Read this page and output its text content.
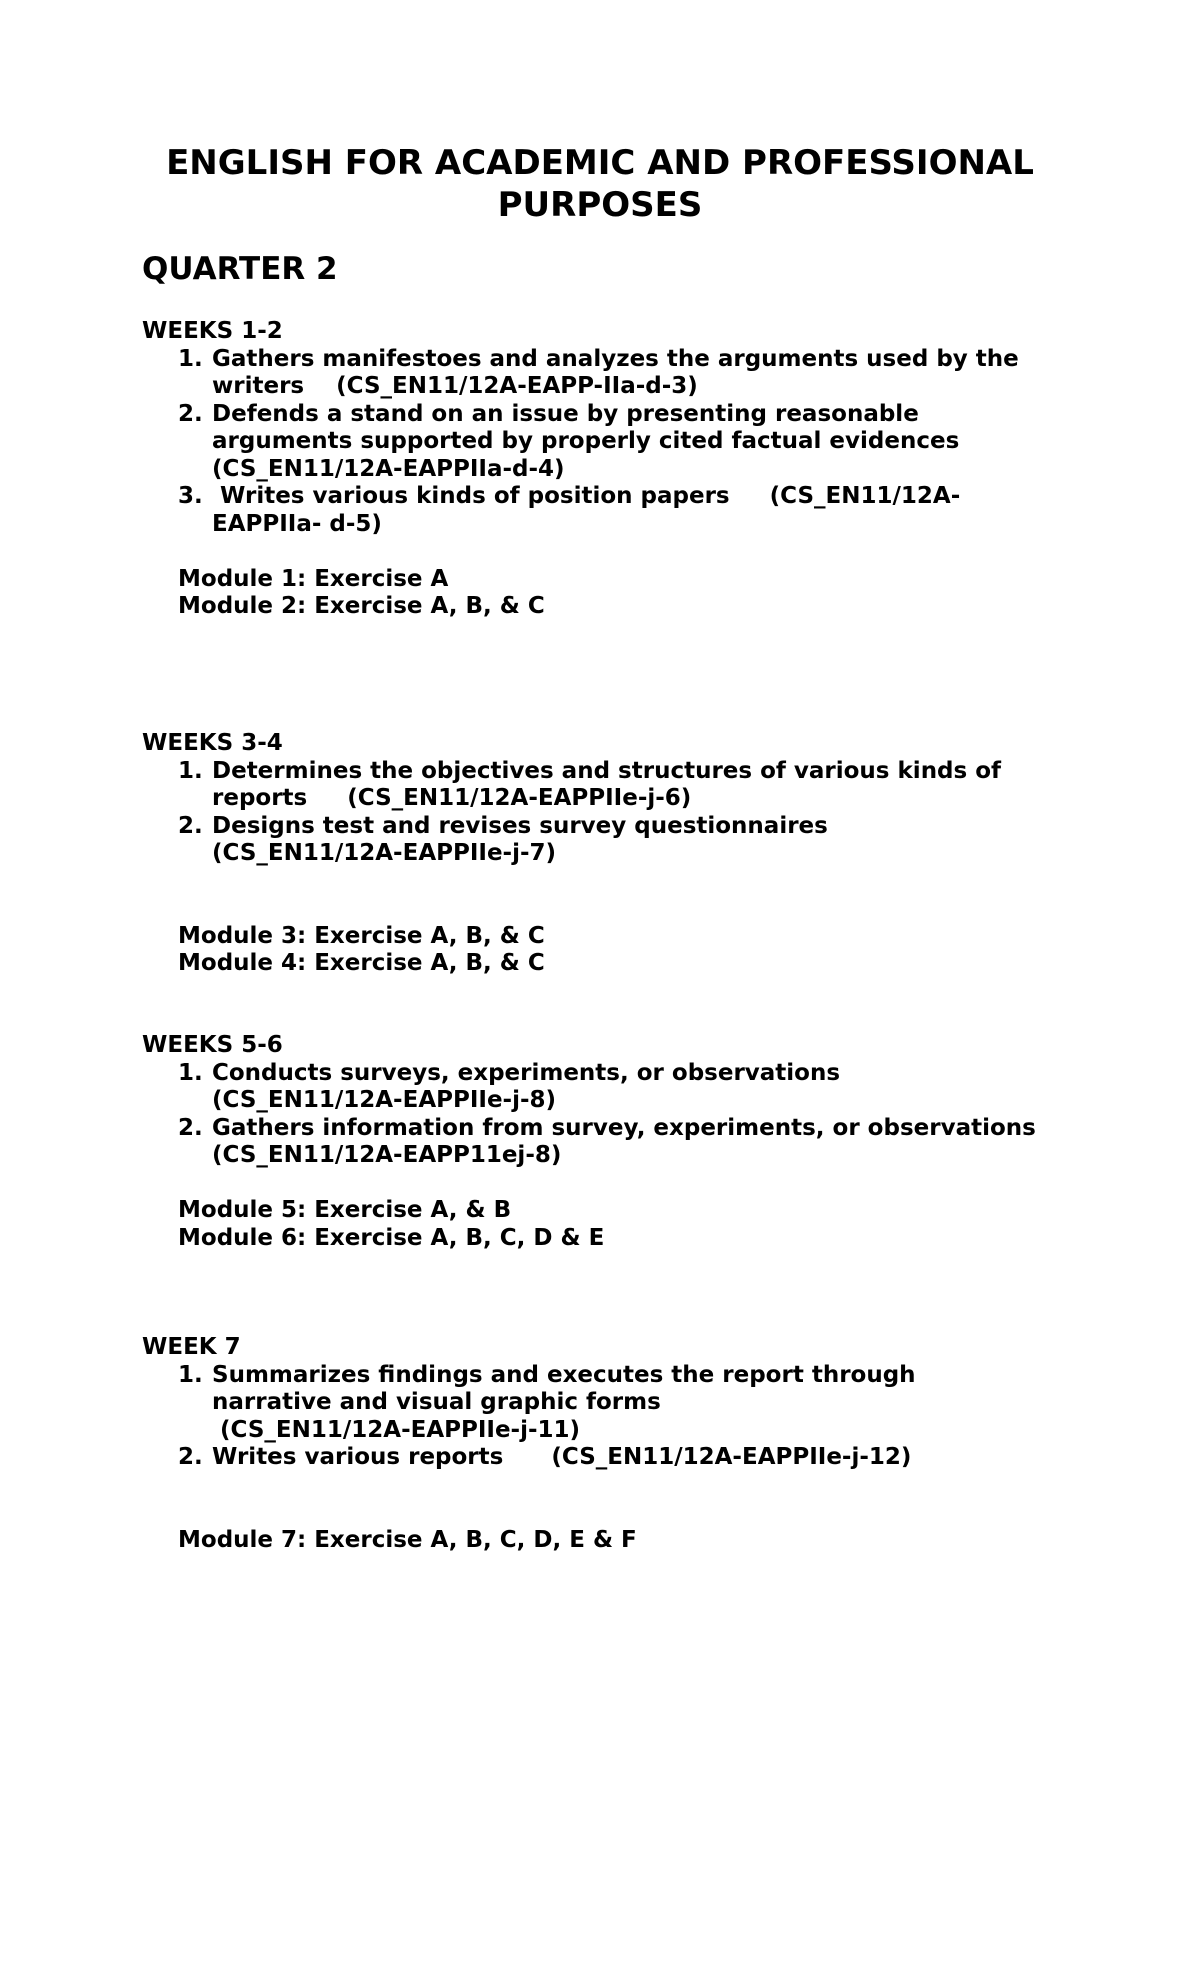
ENGLISH FOR ACADEMIC AND PROFESSIONAL
PURPOSES
QUARTER 2
WEEKS 1-2
1. Gathers manifestoes and analyzes the arguments used by the
writers    (CS_EN11/12A-EAPP-IIa-d-3)
2. Defends a stand on an issue by presenting reasonable
arguments supported by properly cited factual evidences
(CS_EN11/12A-EAPPIIa-d-4)
3. Writes various kinds of position papers     (CS_EN11/12A-
EAPPIIa- d-5)
Module 1: Exercise A
Module 2: Exercise A, B, & C
WEEKS 3-4
1. Determines the objectives and structures of various kinds of
reports     (CS_EN11/12A-EAPPIIe-j-6)
2. Designs test and revises survey questionnaires
(CS_EN11/12A-EAPPIIe-j-7)
Module 3: Exercise A, B, & C
Module 4: Exercise A, B, & C
WEEKS 5-6
1. Conducts surveys, experiments, or observations
(CS_EN11/12A-EAPPIIe-j-8)
2. Gathers information from survey, experiments, or observations
(CS_EN11/12A-EAPP11ej-8)
Module 5: Exercise A, & B
Module 6: Exercise A, B, C, D & E
WEEK 7
1. Summarizes findings and executes the report through
narrative and visual graphic forms
(CS_EN11/12A-EAPPIIe-j-11)
2. Writes various reports      (CS_EN11/12A-EAPPIIe-j-12)
Module 7: Exercise A, B, C, D, E & F
